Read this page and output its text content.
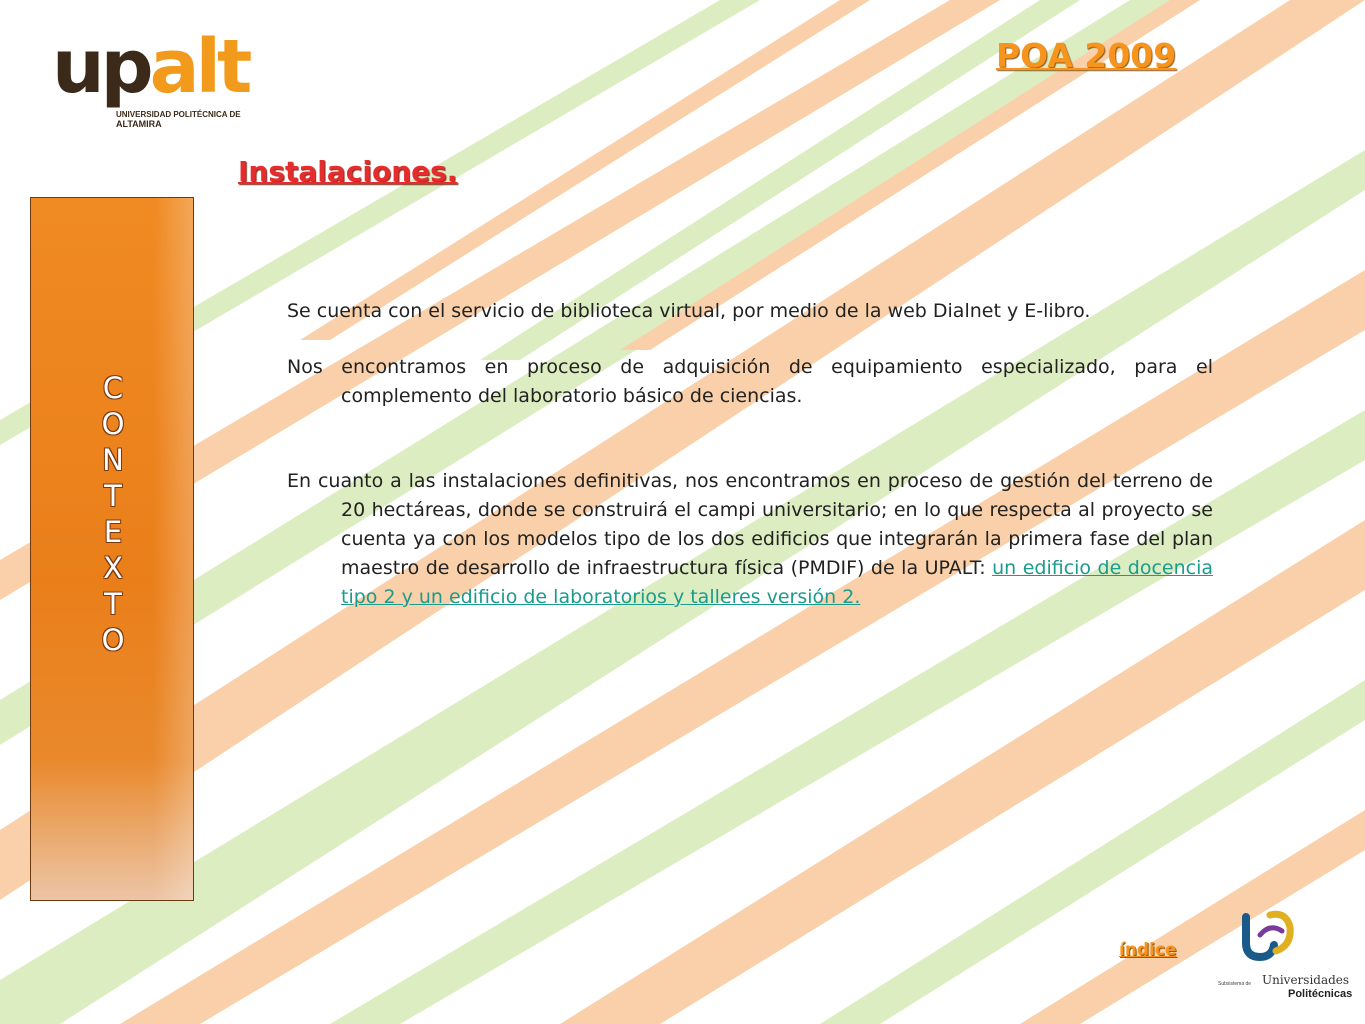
upalt
UNIVERSIDAD POLITÉCNICA DE
ALTAMIRA
POA 2009
Instalaciones.
C
O
N
T
E
X
T
O

Se cuenta con el servicio de biblioteca virtual, por medio de la web Dialnet y E-libro.

Nos encontramos en proceso de adquisición de equipamiento especializado, para el complemento del laboratorio básico de ciencias.

En cuanto a las instalaciones definitivas, nos encontramos en proceso de gestión del terreno de 20 hectáreas, donde se construirá el campi universitario; en lo que respecta al proyecto se cuenta ya con los modelos tipo de los dos edificios que integrarán la primera fase del plan maestro de desarrollo de infraestructura física (PMDIF) de la UPALT: un edificio de docencia tipo 2 y un edificio de laboratorios y talleres versión 2.

índice
Subsistema de Universidades
Politécnicas
